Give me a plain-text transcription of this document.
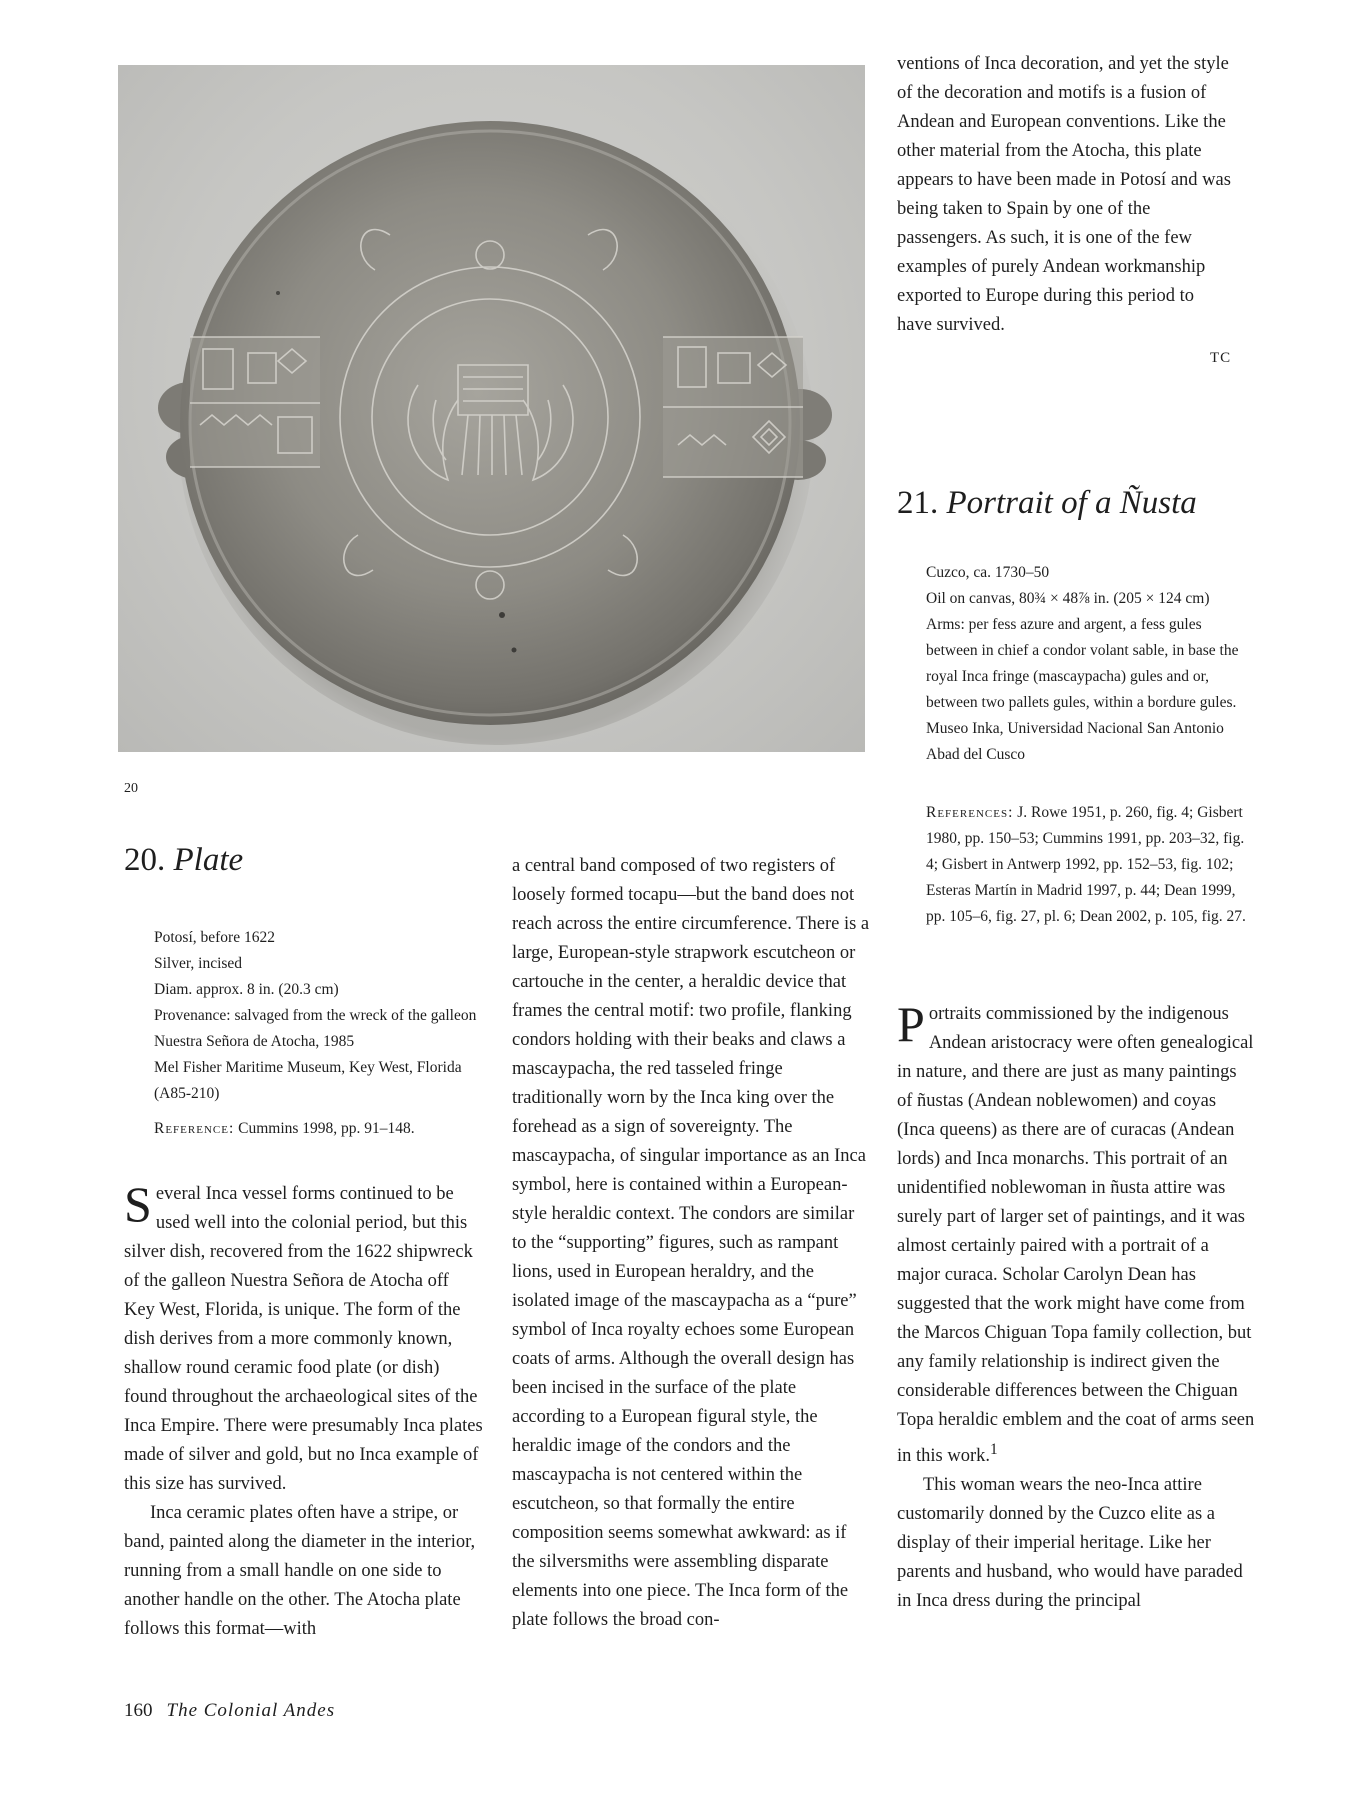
20
20. Plate
Potosí, before 1622
Silver, incised
Diam. approx. 8 in. (20.3 cm)
Provenance: salvaged from the wreck of the galleon Nuestra Señora de Atocha, 1985
Mel Fisher Maritime Museum, Key West, Florida (A85-210)
Reference: Cummins 1998, pp. 91–148.

Several Inca vessel forms continued to be used well into the colonial period, but this silver dish, recovered from the 1622 shipwreck of the galleon Nuestra Señora de Atocha off Key West, Florida, is unique. The form of the dish derives from a more commonly known, shallow round ceramic food plate (or dish) found throughout the archaeological sites of the Inca Empire. There were presumably Inca plates made of silver and gold, but no Inca example of this size has survived.

Inca ceramic plates often have a stripe, or band, painted along the diameter in the interior, running from a small handle on one side to another handle on the other. The Atocha plate follows this format—with

a central band composed of two registers of loosely formed tocapu—but the band does not reach across the entire circumference. There is a large, European-style strapwork escutcheon or cartouche in the center, a heraldic device that frames the central motif: two profile, flanking condors holding with their beaks and claws a mascaypacha, the red tasseled fringe traditionally worn by the Inca king over the forehead as a sign of sovereignty. The mascaypacha, of singular importance as an Inca symbol, here is contained within a European-style heraldic context. The condors are similar to the “supporting” figures, such as rampant lions, used in European heraldry, and the isolated image of the mascaypacha as a “pure” symbol of Inca royalty echoes some European coats of arms. Although the overall design has been incised in the surface of the plate according to a European figural style, the heraldic image of the condors and the mascaypacha is not centered within the escutcheon, so that formally the entire composition seems somewhat awkward: as if the silversmiths were assembling disparate elements into one piece. The Inca form of the plate follows the broad con-

ventions of Inca decoration, and yet the style of the decoration and motifs is a fusion of Andean and European conventions. Like the other material from the Atocha, this plate appears to have been made in Potosí and was being taken to Spain by one of the passengers. As such, it is one of the few examples of purely Andean workmanship exported to Europe during this period to have survived.

TC
21. Portrait of a Ñusta
Cuzco, ca. 1730–50
Oil on canvas, 80¾ × 48⅞ in. (205 × 124 cm)
Arms: per fess azure and argent, a fess gules between in chief a condor volant sable, in base the royal Inca fringe (mascaypacha) gules and or, between two pallets gules, within a bordure gules.
Museo Inka, Universidad Nacional San Antonio Abad del Cusco
References: J. Rowe 1951, p. 260, fig. 4; Gisbert 1980, pp. 150–53; Cummins 1991, pp. 203–32, fig. 4; Gisbert in Antwerp 1992, pp. 152–53, fig. 102; Esteras Martín in Madrid 1997, p. 44; Dean 1999, pp. 105–6, fig. 27, pl. 6; Dean 2002, p. 105, fig. 27.

Portraits commissioned by the indigenous Andean aristocracy were often genealogical in nature, and there are just as many paintings of ñustas (Andean noblewomen) and coyas (Inca queens) as there are of curacas (Andean lords) and Inca monarchs. This portrait of an unidentified noblewoman in ñusta attire was surely part of larger set of paintings, and it was almost certainly paired with a portrait of a major curaca. Scholar Carolyn Dean has suggested that the work might have come from the Marcos Chiguan Topa family collection, but any family relationship is indirect given the considerable differences between the Chiguan Topa heraldic emblem and the coat of arms seen in this work.$^1$

This woman wears the neo-Inca attire customarily donned by the Cuzco elite as a display of their imperial heritage. Like her parents and husband, who would have paraded in Inca dress during the principal

160 The Colonial Andes
